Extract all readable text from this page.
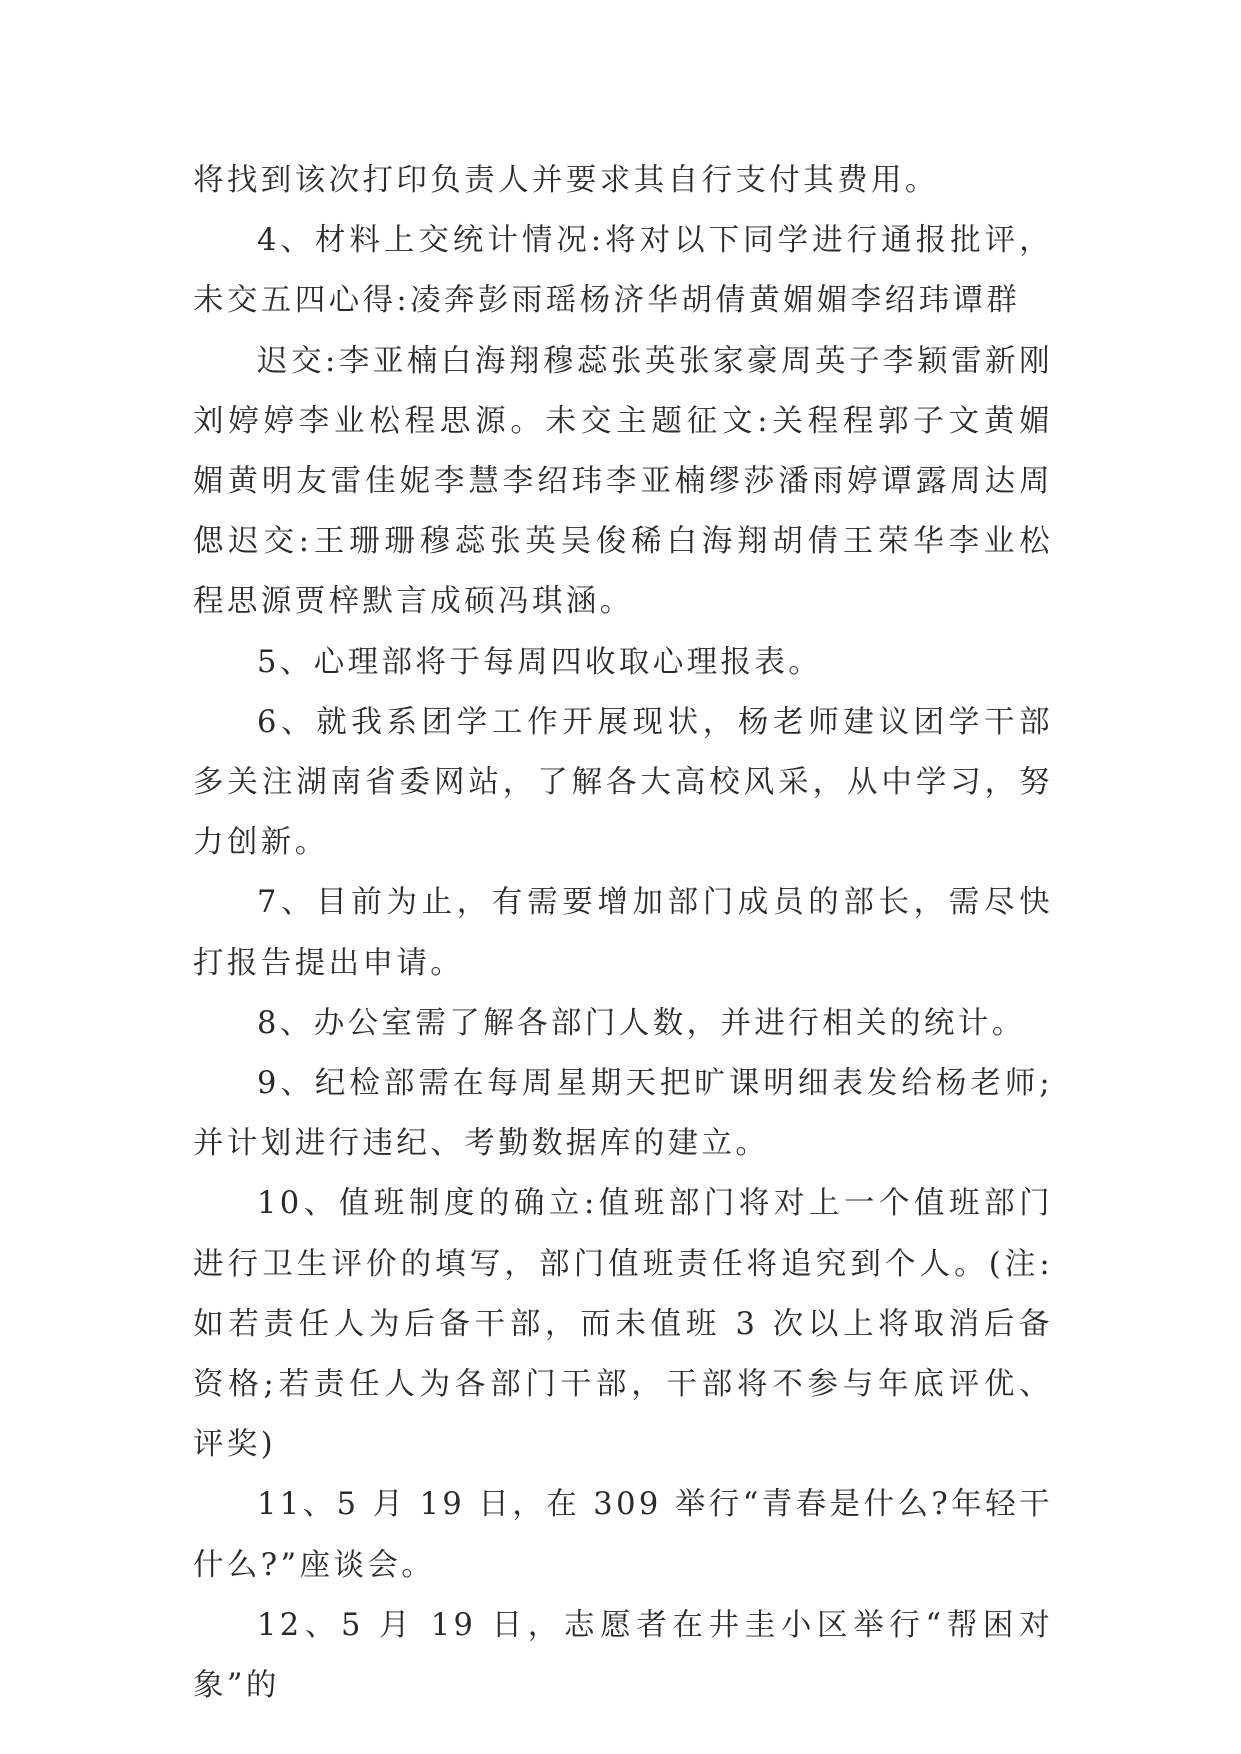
将找到该次打印负责人并要求其自行支付其费用。

4、材料上交统计情况:将对以下同学进行通报批评，未交五四心得:凌奔彭雨瑶杨济华胡倩黄媚媚李绍玮谭群

迟交:李亚楠白海翔穆蕊张英张家豪周英子李颖雷新刚刘婷婷李业松程思源。未交主题征文:关程程郭子文黄媚媚黄明友雷佳妮李慧李绍玮李亚楠缪莎潘雨婷谭露周达周偲迟交:王珊珊穆蕊张英吴俊稀白海翔胡倩王荣华李业松程思源贾梓默言成硕冯琪涵。

5、心理部将于每周四收取心理报表。

6、就我系团学工作开展现状，杨老师建议团学干部多关注湖南省委网站，了解各大高校风采，从中学习，努力创新。

7、目前为止，有需要增加部门成员的部长，需尽快打报告提出申请。

8、办公室需了解各部门人数，并进行相关的统计。

9、纪检部需在每周星期天把旷课明细表发给杨老师;并计划进行违纪、考勤数据库的建立。

10、值班制度的确立:值班部门将对上一个值班部门进行卫生评价的填写，部门值班责任将追究到个人。(注:如若责任人为后备干部，而未值班 3 次以上将取消后备资格;若责任人为各部门干部，干部将不参与年底评优、评奖)

11、5 月 19 日，在 309 举行“青春是什么?年轻干什么?”座谈会。

12、5 月 19 日，志愿者在井圭小区举行“帮困对象”的
